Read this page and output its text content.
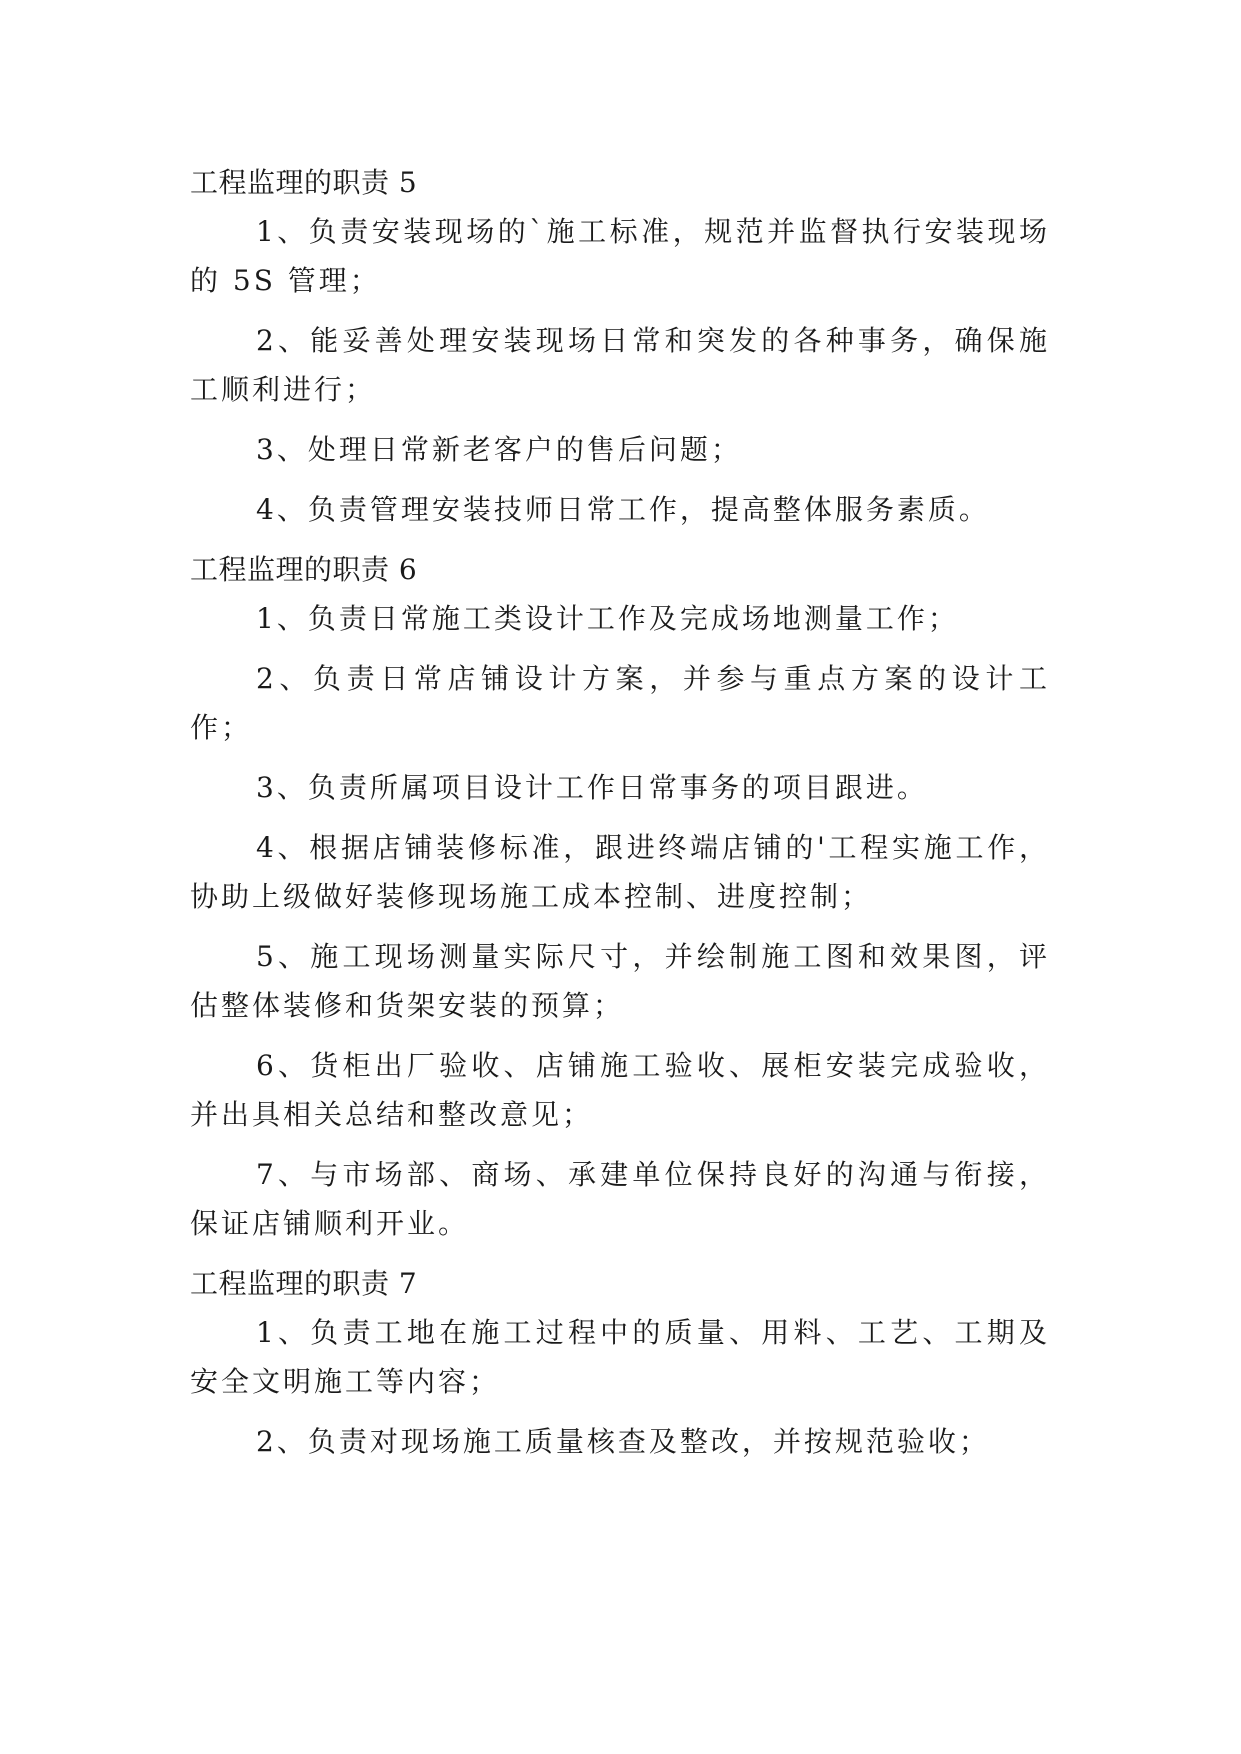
工程监理的职责 5

1、负责安装现场的`施工标准，规范并监督执行安装现场的 5S 管理；

2、能妥善处理安装现场日常和突发的各种事务，确保施工顺利进行；

3、处理日常新老客户的售后问题；

4、负责管理安装技师日常工作，提高整体服务素质。

工程监理的职责 6

1、负责日常施工类设计工作及完成场地测量工作；

2、负责日常店铺设计方案，并参与重点方案的设计工作；

3、负责所属项目设计工作日常事务的项目跟进。

4、根据店铺装修标准，跟进终端店铺的'工程实施工作，协助上级做好装修现场施工成本控制、进度控制；

5、施工现场测量实际尺寸，并绘制施工图和效果图，评估整体装修和货架安装的预算；

6、货柜出厂验收、店铺施工验收、展柜安装完成验收，并出具相关总结和整改意见；

7、与市场部、商场、承建单位保持良好的沟通与衔接，保证店铺顺利开业。

工程监理的职责 7

1、负责工地在施工过程中的质量、用料、工艺、工期及安全文明施工等内容；

2、负责对现场施工质量核查及整改，并按规范验收；
